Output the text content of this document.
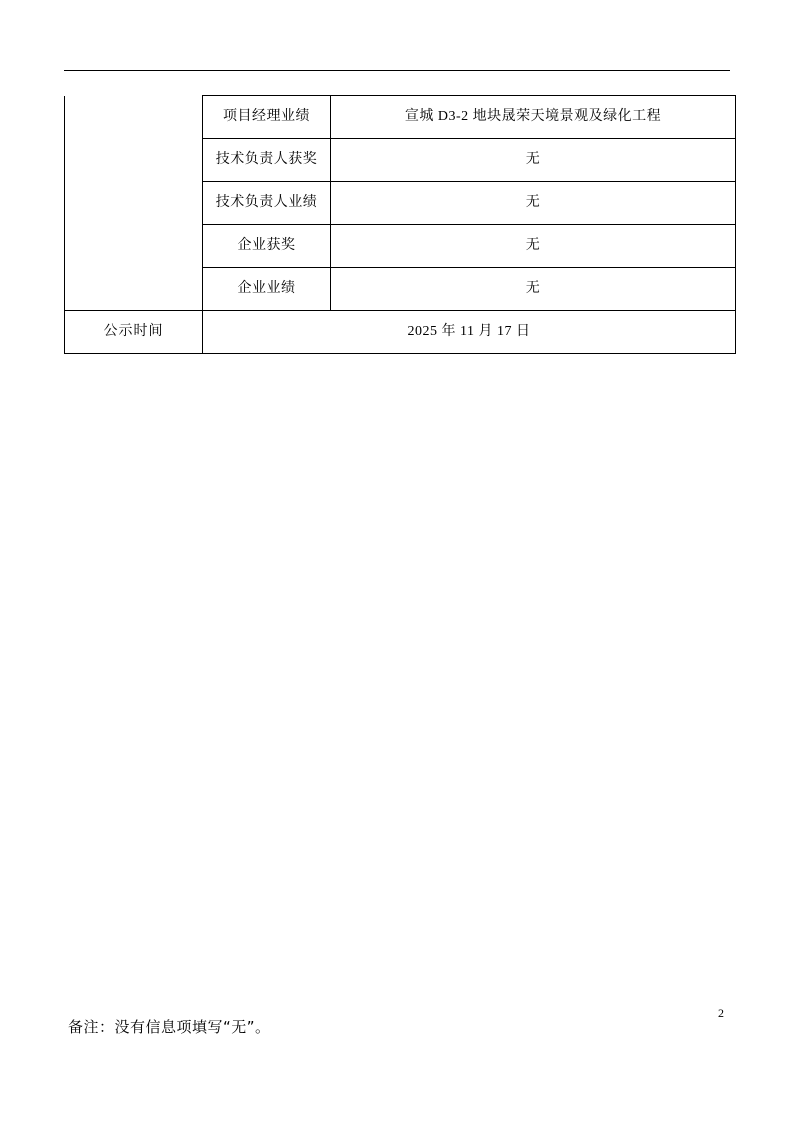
	项目经理业绩	宣城 D3-2 地块晟荣天境景观及绿化工程
	技术负责人获奖	无
	技术负责人业绩	无
	企业获奖	无
	企业业绩	无
公示时间	2025 年 11 月 17 日	
备注：没有信息项填写“无”。
2
